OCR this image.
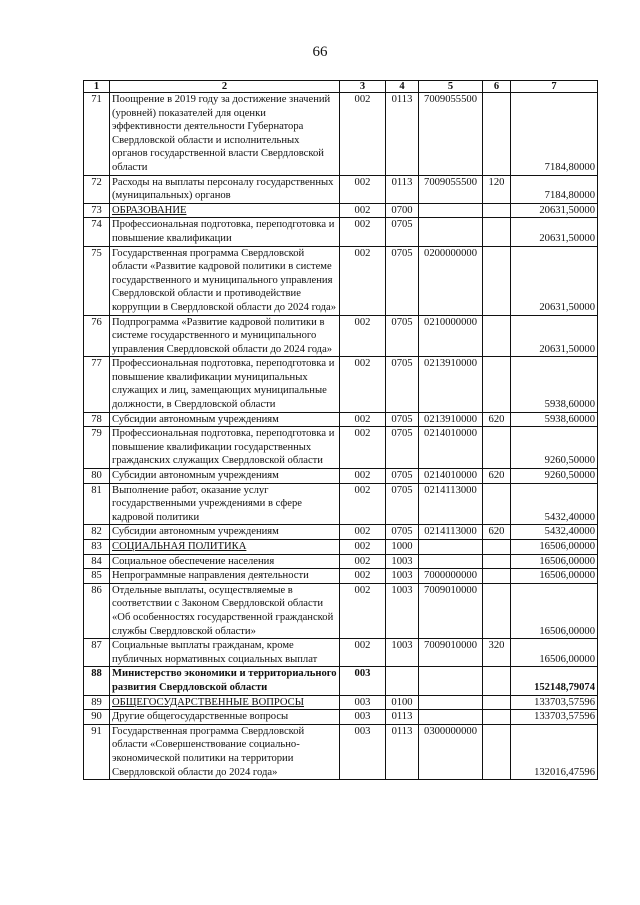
66
1	2	3	4	5	6	7
71	Поощрение в 2019 году за достижение значений (уровней) показателей для оценки эффективности деятельности Губернатора Свердловской области и исполнительных органов государственной власти Свердловской области	002	0113	7009055500		7184,80000
72	Расходы на выплаты персоналу государственных (муниципальных) органов	002	0113	7009055500	120	7184,80000
73	ОБРАЗОВАНИЕ	002	0700			20631,50000
74	Профессиональная подготовка, переподготовка и повышение квалификации	002	0705			20631,50000
75	Государственная программа Свердловской области «Развитие кадровой политики в системе государственного и муниципального управления Свердловской области и противодействие коррупции в Свердловской области до 2024 года»	002	0705	0200000000		20631,50000
76	Подпрограмма «Развитие кадровой политики в системе государственного и муниципального управления Свердловской области до 2024 года»	002	0705	0210000000		20631,50000
77	Профессиональная подготовка, переподготовка и повышение квалификации муниципальных служащих и лиц, замещающих муниципальные должности, в Свердловской области	002	0705	0213910000		5938,60000
78	Субсидии автономным учреждениям	002	0705	0213910000	620	5938,60000
79	Профессиональная подготовка, переподготовка и повышение квалификации государственных гражданских служащих Свердловской области	002	0705	0214010000		9260,50000
80	Субсидии автономным учреждениям	002	0705	0214010000	620	9260,50000
81	Выполнение работ, оказание услуг государственными учреждениями в сфере кадровой политики	002	0705	0214113000		5432,40000
82	Субсидии автономным учреждениям	002	0705	0214113000	620	5432,40000
83	СОЦИАЛЬНАЯ ПОЛИТИКА	002	1000			16506,00000
84	Социальное обеспечение населения	002	1003			16506,00000
85	Непрограммные направления деятельности	002	1003	7000000000		16506,00000
86	Отдельные выплаты, осуществляемые в соответствии с Законом Свердловской области «Об особенностях государственной гражданской службы Свердловской области»	002	1003	7009010000		16506,00000
87	Социальные выплаты гражданам, кроме публичных нормативных социальных выплат	002	1003	7009010000	320	16506,00000
88	Министерство экономики и территориального развития Свердловской области	003				152148,79074
89	ОБЩЕГОСУДАРСТВЕННЫЕ ВОПРОСЫ	003	0100			133703,57596
90	Другие общегосударственные вопросы	003	0113			133703,57596
91	Государственная программа Свердловской области «Совершенствование социально-экономической политики на территории Свердловской области до 2024 года»	003	0113	0300000000		132016,47596
